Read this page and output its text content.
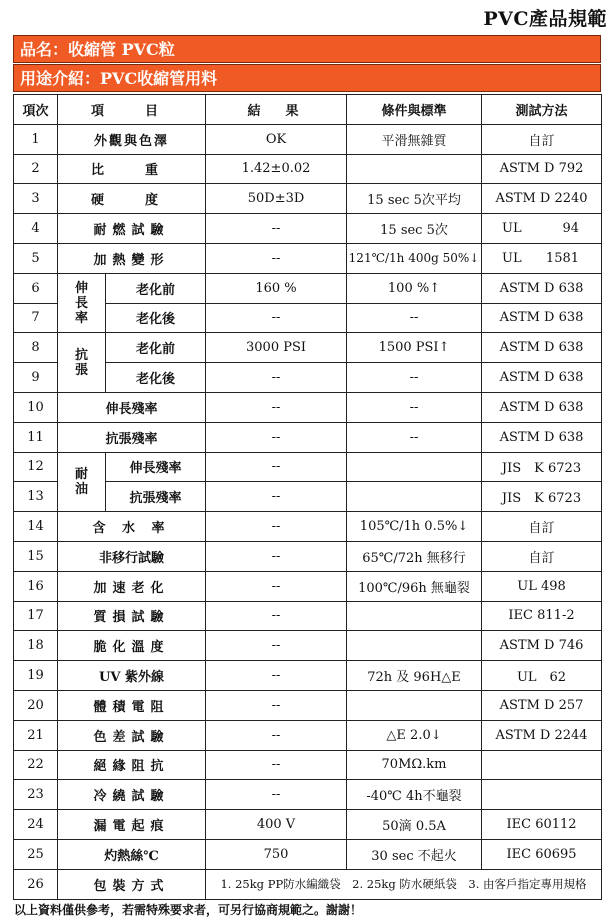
PVC產品規範
品名：收縮管 PVC粒
用途介紹：PVC收縮管用料
項次	項　目		結　果	條件與標準	測試方法
1	外觀與色澤		OK	平滑無雜質	自訂
2	比　重		1.42±0.02		ASTM D 792
3	硬　度		50D±3D	15 sec 5次平均	ASTM D 2240
4	耐燃試驗		--	15 sec 5次	UL 94

5	加熱變形		--	121℃/1h 400g 50%↓	UL 1581

6	伸長率	老化前	160 %	100 %↑	ASTM D 638
7		老化後	--	--	ASTM D 638
8	抗張	老化前	3000 PSI	1500 PSI↑	ASTM D 638
9		老化後	--	--	ASTM D 638
10	伸長殘率		--	--	ASTM D 638
11	抗張殘率		--	--	ASTM D 638
12	耐油	伸長殘率	--		JIS　K 6723
13		抗張殘率	--		JIS　K 6723
14	含 水 率		--	105℃/1h 0.5%↓	自訂
15	非移行試驗		--	65℃/72h 無移行	自訂
16	加速老化		--	100℃/96h 無龜裂	UL 498
17	質損試驗		--		IEC 811-2
18	脆化溫度		--		ASTM D 746
19	UV 紫外線		--	72h 及 96H△E	UL　62
20	體積電阻		--		ASTM D 257
21	色差試驗		--	△E 2.0↓	ASTM D 2244
22	絕緣阻抗		--	70MΩ.km	
23	冷繞試驗		--	-40℃ 4h不龜裂	
24	漏電起痕		400 V	50滴 0.5A	IEC 60112
25	灼熱絲℃		750	30 sec 不起火	IEC 60695
26	包裝方式		1. 25kg PP防水編織袋　2. 25kg 防水硬紙袋　3. 由客戶指定專用規格		
以上資料僅供參考，若需特殊要求者，可另行協商規範之。謝謝！
